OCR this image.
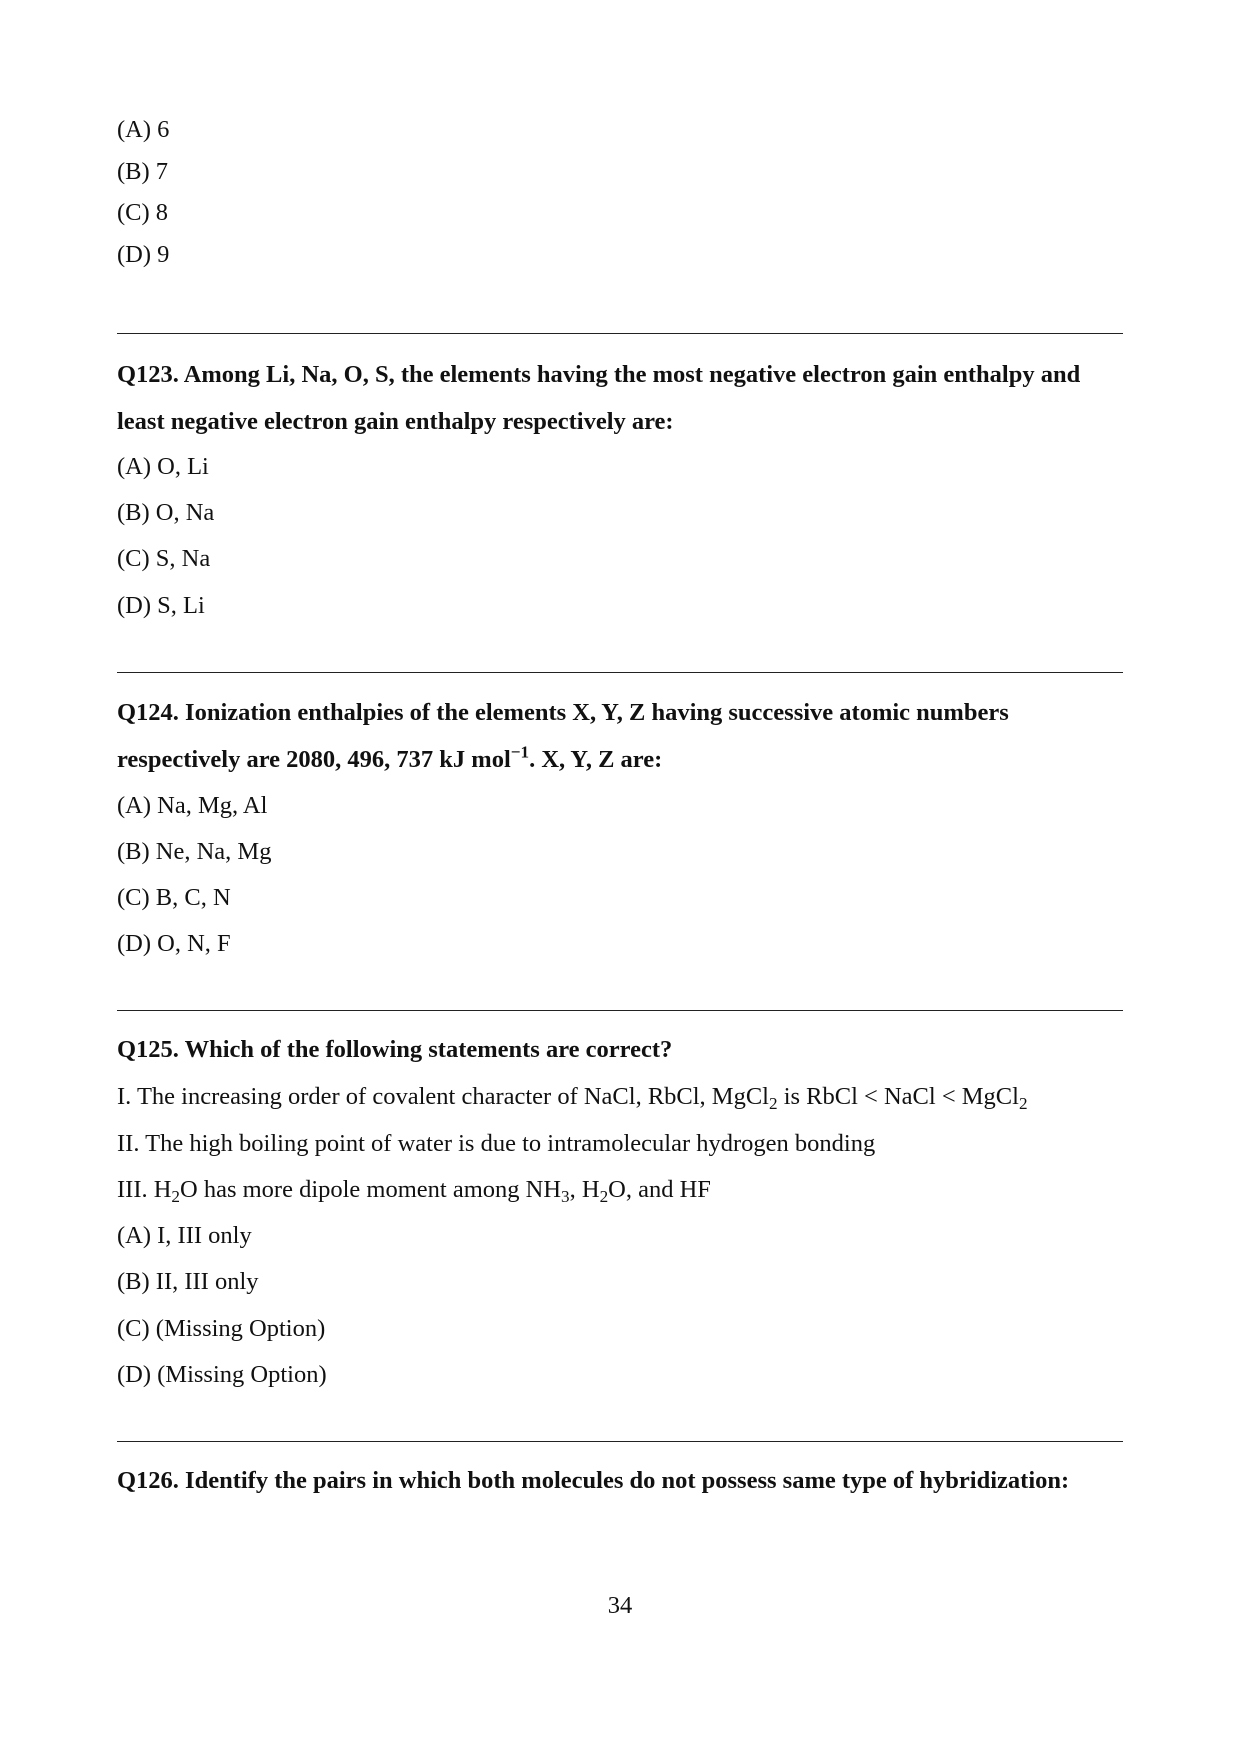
(A) 6
(B) 7
(C) 8
(D) 9
Q123. Among Li, Na, O, S, the elements having the most negative electron gain enthalpy and least negative electron gain enthalpy respectively are:
(A) O, Li
(B) O, Na
(C) S, Na
(D) S, Li
Q124. Ionization enthalpies of the elements X, Y, Z having successive atomic numbers respectively are 2080, 496, 737 kJ mol$^{-1}$. X, Y, Z are:
(A) Na, Mg, Al
(B) Ne, Na, Mg
(C) B, C, N
(D) O, N, F
Q125. Which of the following statements are correct?
I. The increasing order of covalent character of NaCl, RbCl, MgCl$_2$ is RbCl < NaCl < MgCl$_2$
II. The high boiling point of water is due to intramolecular hydrogen bonding
III. $H_2O$ has more dipole moment among $NH_3$, $H_2O$, and HF
(A) I, III only
(B) II, III only
(C) (Missing Option)
(D) (Missing Option)
Q126. Identify the pairs in which both molecules do not possess same type of hybridization:
34
